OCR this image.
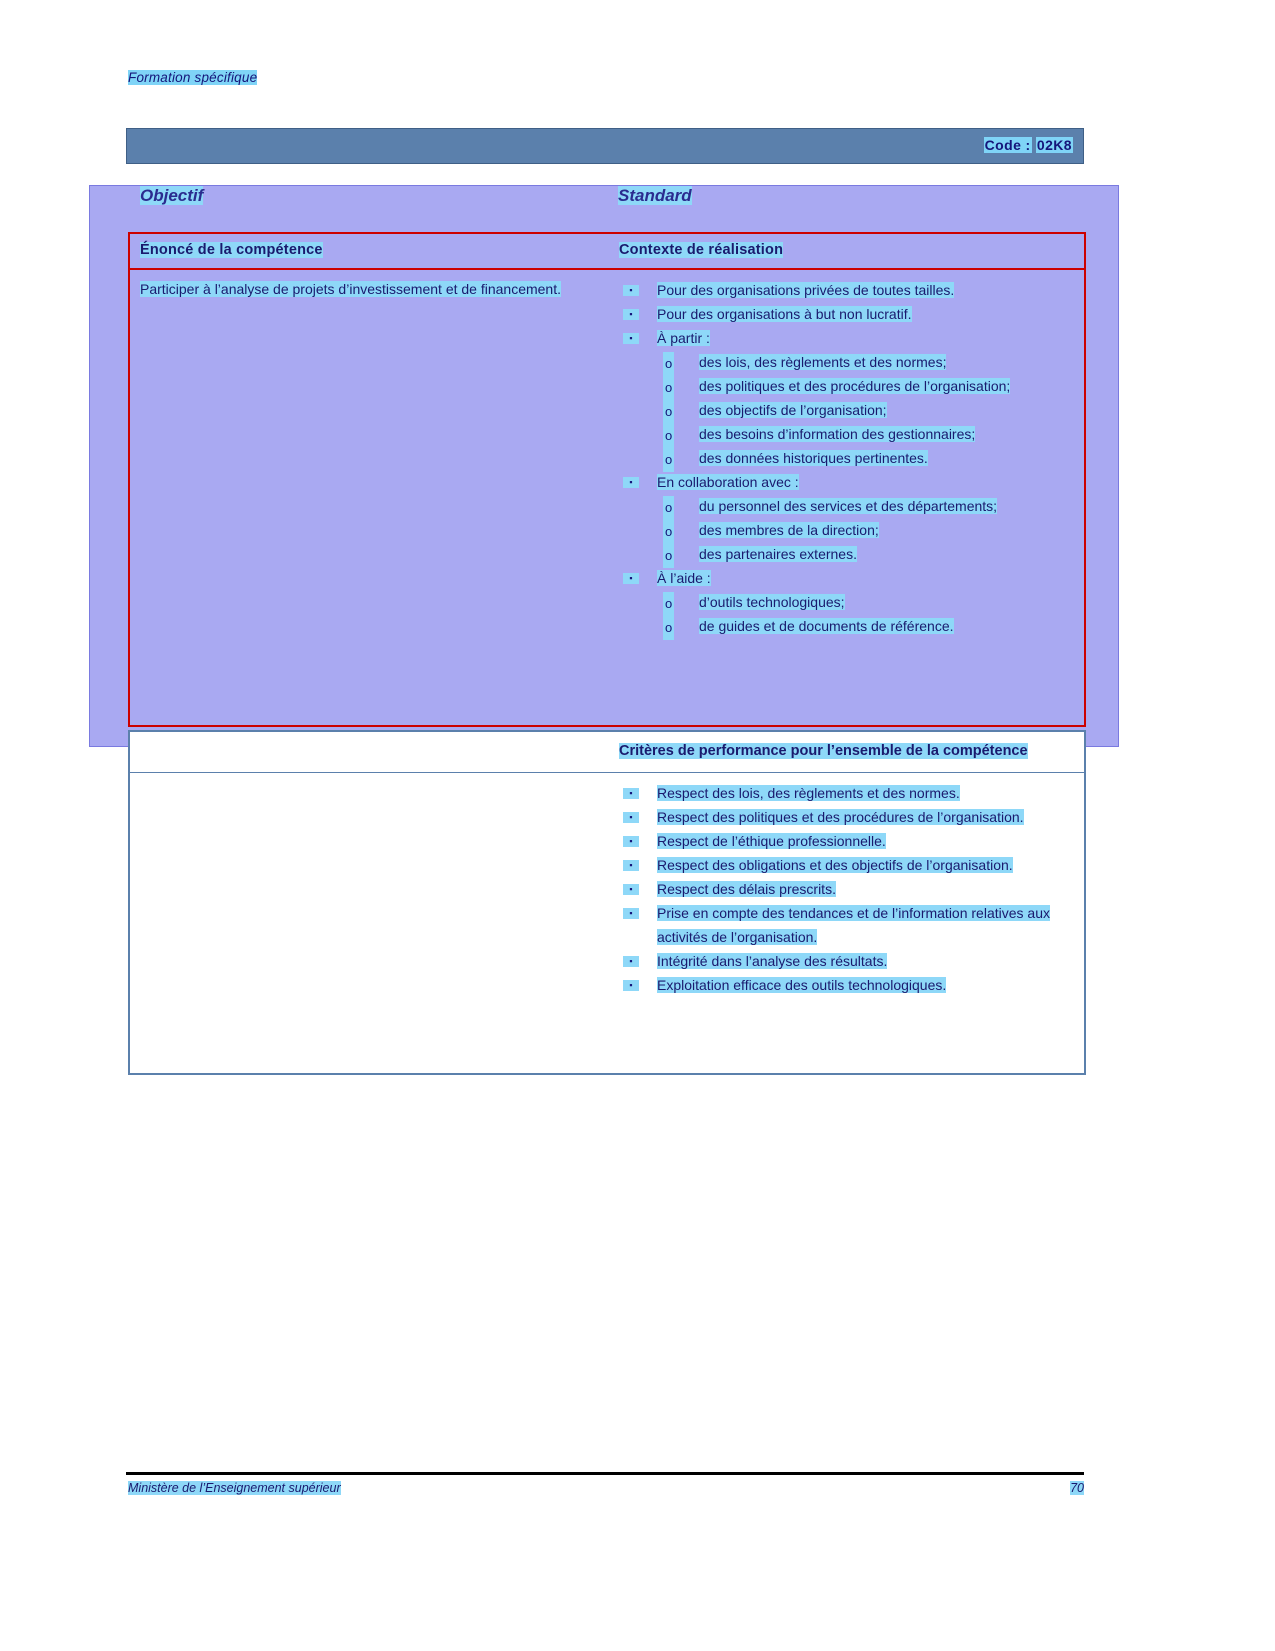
Formation spécifique
Code : 02K8
Objectif	Standard
Énoncé de la compétence	Contexte de réalisation
Participer à l’analyse de projets d’investissement et de financement.	▪	Pour des organisations privées de toutes tailles.
▪	Pour des organisations à but non lucratif.
▪	À partir :
ᴏ des lois, des règlements et des normes;
ᴏ des politiques et des procédures de l’organisation;
ᴏ des objectifs de l’organisation;
ᴏ des besoins d’information des gestionnaires;
ᴏ des données historiques pertinentes.
▪	En collaboration avec :
ᴏ du personnel des services et des départements;
ᴏ des membres de la direction;
ᴏ des partenaires externes.
▪	À l’aide :
ᴏ d’outils technologiques;
ᴏ de guides et de documents de référence.
Critères de performance pour l’ensemble de la compétence
▪	Respect des lois, des règlements et des normes.
▪	Respect des politiques et des procédures de l’organisation.
▪	Respect de l’éthique professionnelle.
▪	Respect des obligations et des objectifs de l’organisation.
▪	Respect des délais prescrits.
▪	Prise en compte des tendances et de l’information relatives aux activités de l’organisation.
▪	Intégrité dans l’analyse des résultats.
▪	Exploitation efficace des outils technologiques.
Ministère de l’Enseignement supérieur	70
